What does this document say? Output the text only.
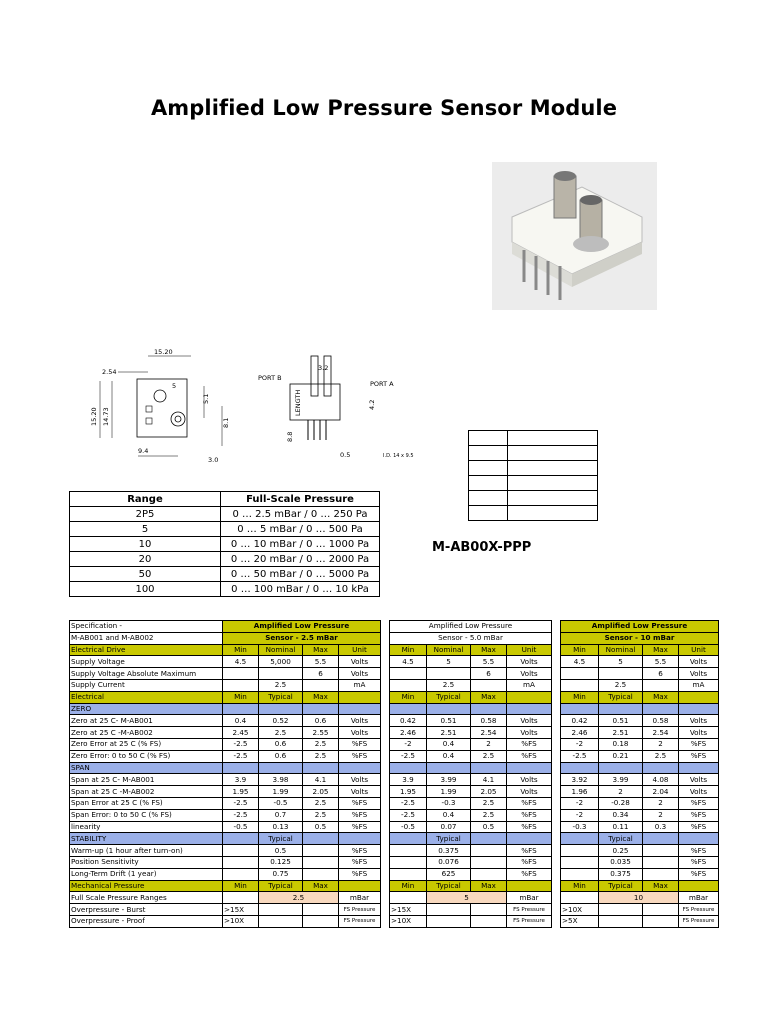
Amplified Low Pressure Sensor Module
15.20
2.54
5
14.73
15.20
5.1
8.1
9.4
3.0
3.2
PORT B
PORT A
LENGTH	4.2
8.8
0.5	I.D. 14 x 9.5

Range	Full-Scale Pressure
2P5	0 … 2.5 mBar / 0 … 250 Pa
5	0 … 5 mBar / 0 … 500 Pa
10	0 … 10 mBar / 0 … 1000 Pa
20	0 … 20 mBar / 0 … 2000 Pa
50	0 … 50 mBar / 0 … 5000 Pa
100	0 … 100 mBar / 0 … 10 kPa
M-AB00X-PPP
Specification -	Amplified Low Pressure					Amplified Low Pressure					Amplified Low Pressure			
M-AB001 and M-AB002	Sensor - 2.5 mBar					Sensor - 5.0 mBar					Sensor - 10 mBar			
Electrical Drive	Min	Nominal	Max	Unit		Min	Nominal	Max	Unit		Min	Nominal	Max	Unit
Supply Voltage	4.5	5,000	5.5	Volts		4.5	5	5.5	Volts		4.5	5	5.5	Volts
Supply Voltage Absolute Maximum			6	Volts				6	Volts				6	Volts
Supply Current		2.5		mA			2.5		mA			2.5		mA
Electrical	Min	Typical	Max			Min	Typical	Max			Min	Typical	Max	
ZERO														
Zero at 25 C- M-AB001	0.4	0.52	0.6	Volts		0.42	0.51	0.58	Volts		0.42	0.51	0.58	Volts
Zero at 25 C -M-AB002	2.45	2.5	2.55	Volts		2.46	2.51	2.54	Volts		2.46	2.51	2.54	Volts
Zero Error at 25 C (% FS)	-2.5	0.6	2.5	%FS		-2	0.4	2	%FS		-2	0.18	2	%FS
Zero Error: 0 to 50 C (% FS)	-2.5	0.6	2.5	%FS		-2.5	0.4	2.5	%FS		-2.5	0.21	2.5	%FS
SPAN														
Span at 25 C- M-AB001	3.9	3.98	4.1	Volts		3.9	3.99	4.1	Volts		3.92	3.99	4.08	Volts
Span at 25 C -M-AB002	1.95	1.99	2.05	Volts		1.95	1.99	2.05	Volts		1.96	2	2.04	Volts
Span Error at 25 C (% FS)	-2.5	-0.5	2.5	%FS		-2.5	-0.3	2.5	%FS		-2	-0.28	2	%FS
Span Error: 0 to 50 C (% FS)	-2.5	0.7	2.5	%FS		-2.5	0.4	2.5	%FS		-2	0.34	2	%FS
linearity	-0.5	0.13	0.5	%FS		-0.5	0.07	0.5	%FS		-0.3	0.11	0.3	%FS
STABILITY		Typical					Typical					Typical		
Warm-up (1 hour after turn-on)		0.5		%FS			0.375		%FS			0.25		%FS
Position Sensitivity		0.125		%FS			0.076		%FS			0.035		%FS
Long-Term Drift (1 year)		0.75		%FS			625		%FS			0.375		%FS
Mechanical Pressure	Min	Typical	Max			Min	Typical	Max			Min	Typical	Max	
Full Scale Pressure Ranges		2.5		mBar			5		mBar			10		mBar
Overpressure - Burst	>15X			FS Pressure		>15X			FS Pressure		>10X			FS Pressure
Overpressure - Proof	>10X			FS Pressure		>10X			FS Pressure		>5X			FS Pressure
